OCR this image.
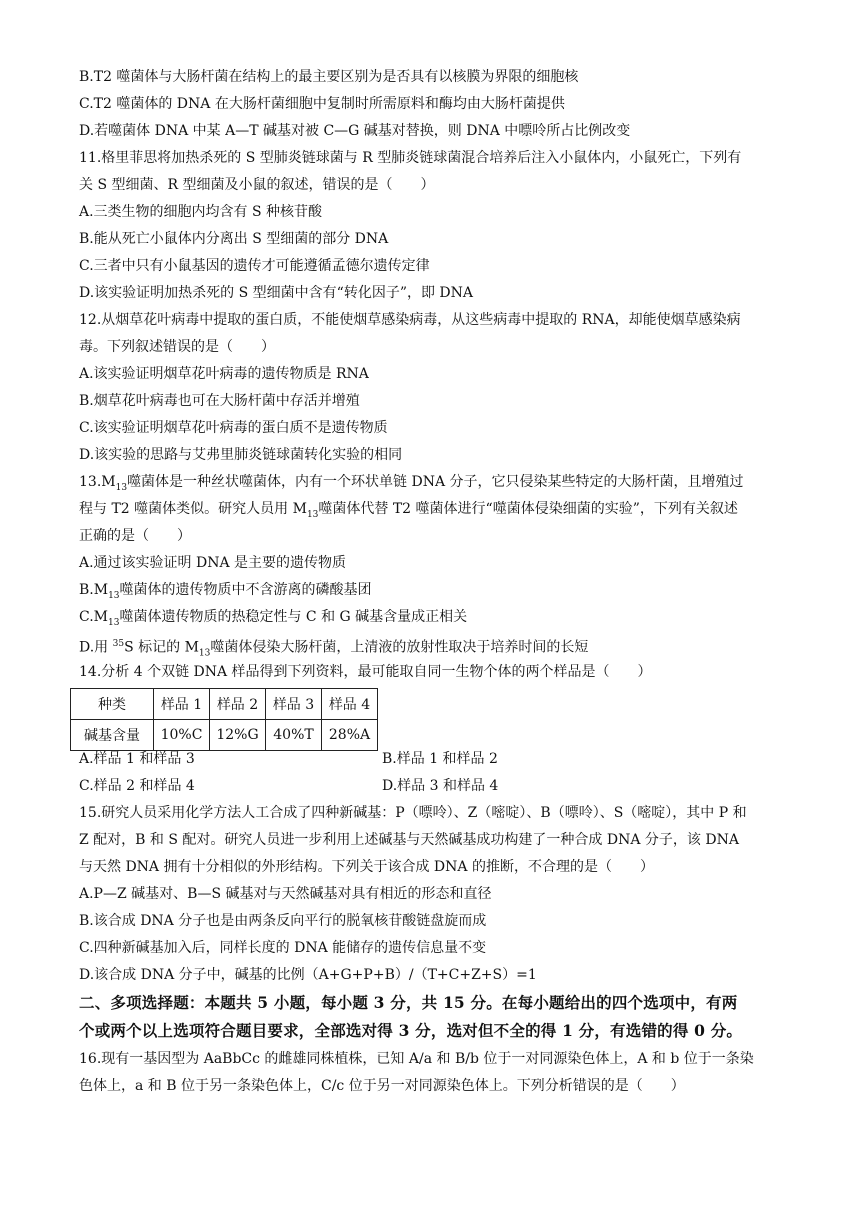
B.T2 噬菌体与大肠杆菌在结构上的最主要区别为是否具有以核膜为界限的细胞核
C.T2 噬菌体的 DNA 在大肠杆菌细胞中复制时所需原料和酶均由大肠杆菌提供
D.若噬菌体 DNA 中某 A—T 碱基对被 C—G 碱基对替换，则 DNA 中嘌呤所占比例改变
11.格里菲思将加热杀死的 S 型肺炎链球菌与 R 型肺炎链球菌混合培养后注入小鼠体内，小鼠死亡，下列有
关 S 型细菌、R 型细菌及小鼠的叙述，错误的是（　　）
A.三类生物的细胞内均含有 S 种核苷酸
B.能从死亡小鼠体内分离出 S 型细菌的部分 DNA
C.三者中只有小鼠基因的遗传才可能遵循孟德尔遗传定律
D.该实验证明加热杀死的 S 型细菌中含有“转化因子”，即 DNA
12.从烟草花叶病毒中提取的蛋白质，不能使烟草感染病毒，从这些病毒中提取的 RNA，却能使烟草感染病
毒。下列叙述错误的是（　　）
A.该实验证明烟草花叶病毒的遗传物质是 RNA
B.烟草花叶病毒也可在大肠杆菌中存活并增殖
C.该实验证明烟草花叶病毒的蛋白质不是遗传物质
D.该实验的思路与艾弗里肺炎链球菌转化实验的相同
$13.M_{13}$噬菌体是一种丝状噬菌体，内有一个环状单链 DNA 分子，它只侵染某些特定的大肠杆菌，且增殖过
程与 T2 噬菌体类似。研究人员用 $M_{13}$噬菌体代替 T2 噬菌体进行“噬菌体侵染细菌的实验”，下列有关叙述
正确的是（　　）
A.通过该实验证明 DNA 是主要的遗传物质
$B.M_{13}$噬菌体的遗传物质中不含游离的磷酸基团
$C.M_{13}$噬菌体遗传物质的热稳定性与 C 和 G 碱基含量成正相关
D.用 $^{35}$S 标记的 $M_{13}$噬菌体侵染大肠杆菌，上清液的放射性取决于培养时间的长短
14.分析 4 个双链 DNA 样品得到下列资料，最可能取自同一生物个体的两个样品是（　　）
种类	样品 1	样品 2	样品 3	样品 4
碱基含量	10%C	12%G	40%T	28%A
A.样品 1 和样品 3	B.样品 1 和样品 2
C.样品 2 和样品 4	D.样品 3 和样品 4
15.研究人员采用化学方法人工合成了四种新碱基：P（嘌呤）、Z（嘧啶）、B（嘌呤）、S（嘧啶），其中 P 和
Z 配对，B 和 S 配对。研究人员进一步利用上述碱基与天然碱基成功构建了一种合成 DNA 分子，该 DNA
与天然 DNA 拥有十分相似的外形结构。下列关于该合成 DNA 的推断，不合理的是（　　）
A.P—Z 碱基对、B—S 碱基对与天然碱基对具有相近的形态和直径
B.该合成 DNA 分子也是由两条反向平行的脱氧核苷酸链盘旋而成
C.四种新碱基加入后，同样长度的 DNA 能储存的遗传信息量不变
D.该合成 DNA 分子中，碱基的比例（A+G+P+B）/（T+C+Z+S）=1
二、多项选择题：本题共 5 小题，每小题 3 分，共 15 分。在每小题给出的四个选项中，有两
个或两个以上选项符合题目要求，全部选对得 3 分，选对但不全的得 1 分，有选错的得 0 分。
16.现有一基因型为 AaBbCc 的雌雄同株植株，已知 A/a 和 B/b 位于一对同源染色体上，A 和 b 位于一条染
色体上，a 和 B 位于另一条染色体上，C/c 位于另一对同源染色体上。下列分析错误的是（　　）
